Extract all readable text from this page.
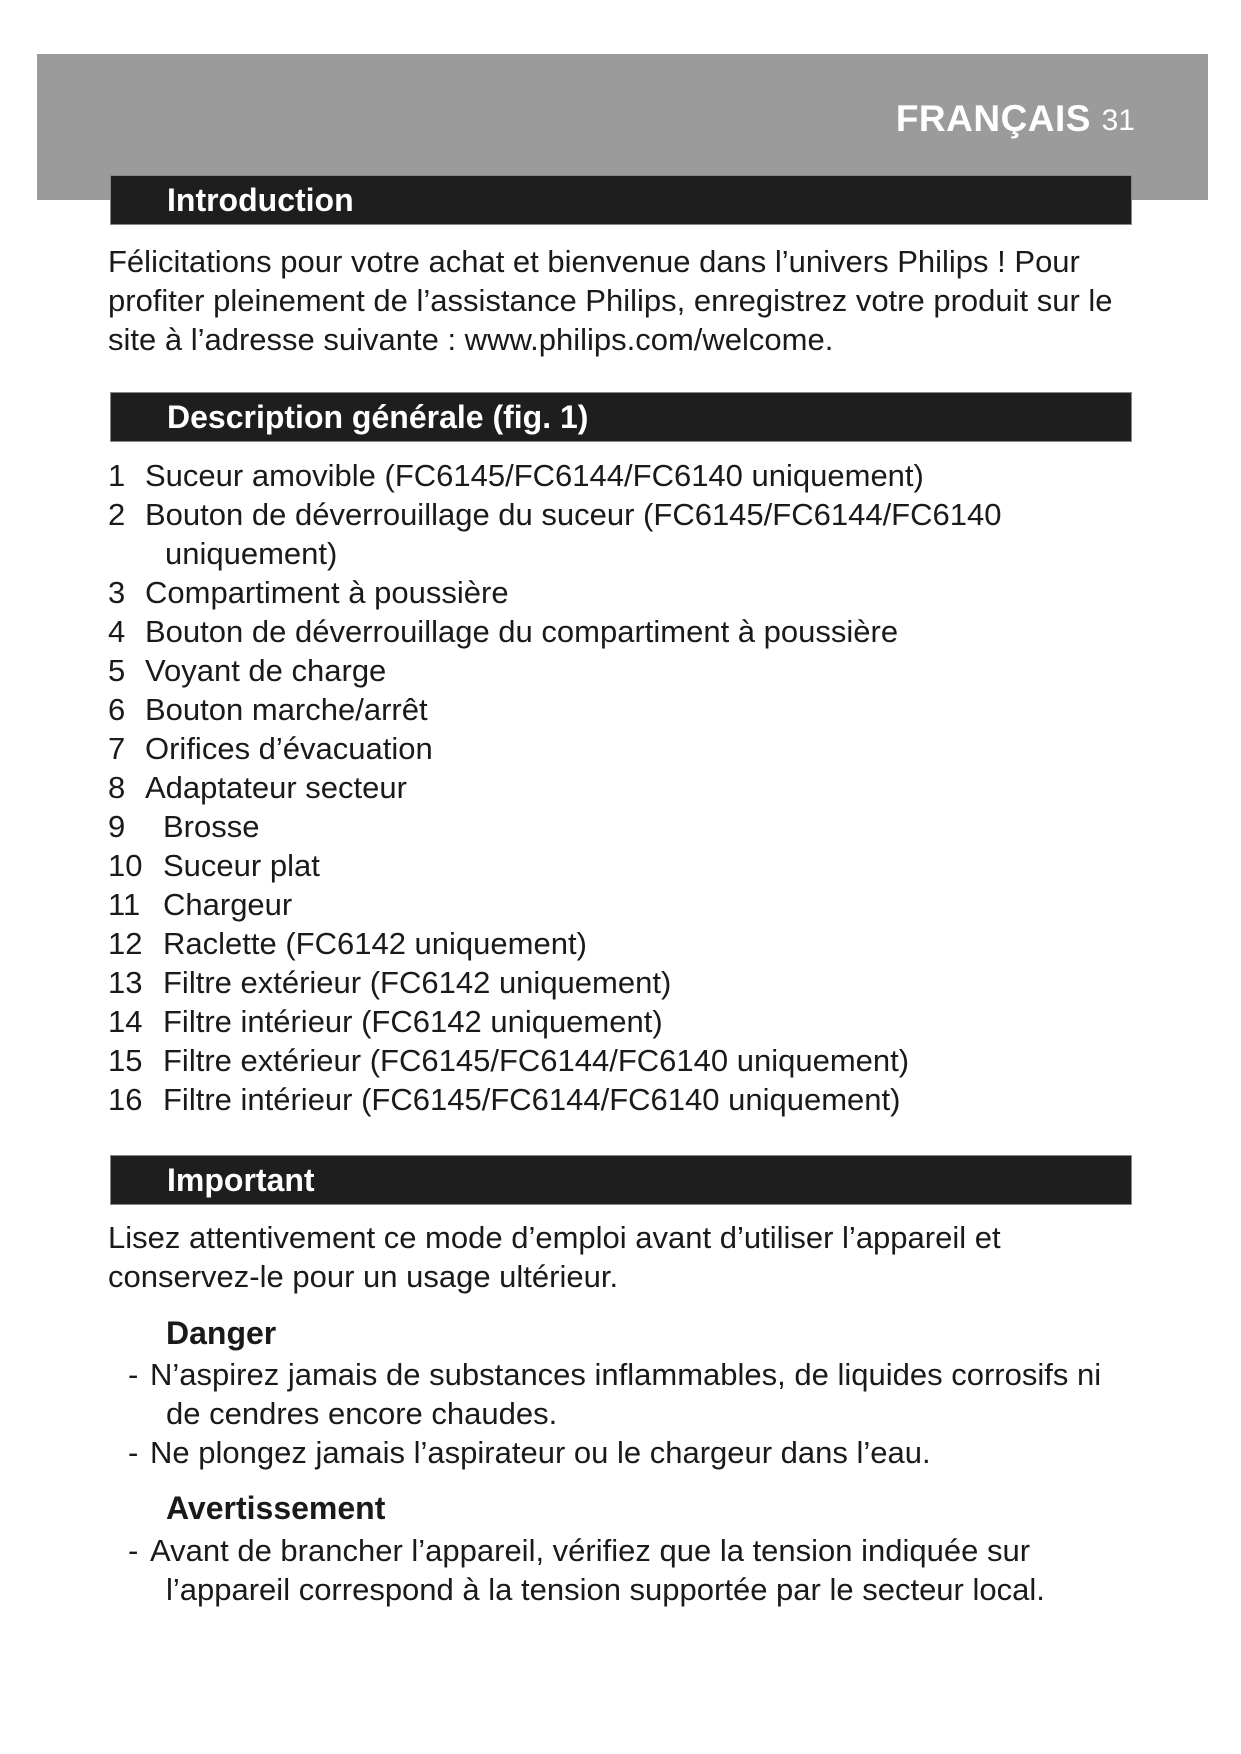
FRANÇAIS 31
Introduction
Félicitations pour votre achat et bienvenue dans l’univers Philips ! Pour
profiter pleinement de l’assistance Philips, enregistrez votre produit sur le
site à l’adresse suivante : www.philips.com/welcome.
Description générale (fig. 1)
1 Suceur amovible (FC6145/FC6144/FC6140 uniquement)
2 Bouton de déverrouillage du suceur (FC6145/FC6144/FC6140
uniquement)
3 Compartiment à poussière
4 Bouton de déverrouillage du compartiment à poussière
5 Voyant de charge
6 Bouton marche/arrêt
7 Orifices d’évacuation
8 Adaptateur secteur
9 Brosse
10 Suceur plat
11 Chargeur
12 Raclette (FC6142 uniquement)
13 Filtre extérieur (FC6142 uniquement)
14 Filtre intérieur (FC6142 uniquement)
15 Filtre extérieur (FC6145/FC6144/FC6140 uniquement)
16 Filtre intérieur (FC6145/FC6144/FC6140 uniquement)
Important
Lisez attentivement ce mode d’emploi avant d’utiliser l’appareil et
conservez-le pour un usage ultérieur.
Danger
- N’aspirez jamais de substances inflammables, de liquides corrosifs ni
de cendres encore chaudes.
- Ne plongez jamais l’aspirateur ou le chargeur dans l’eau.
Avertissement
- Avant de brancher l’appareil, vérifiez que la tension indiquée sur
l’appareil correspond à la tension supportée par le secteur local.
